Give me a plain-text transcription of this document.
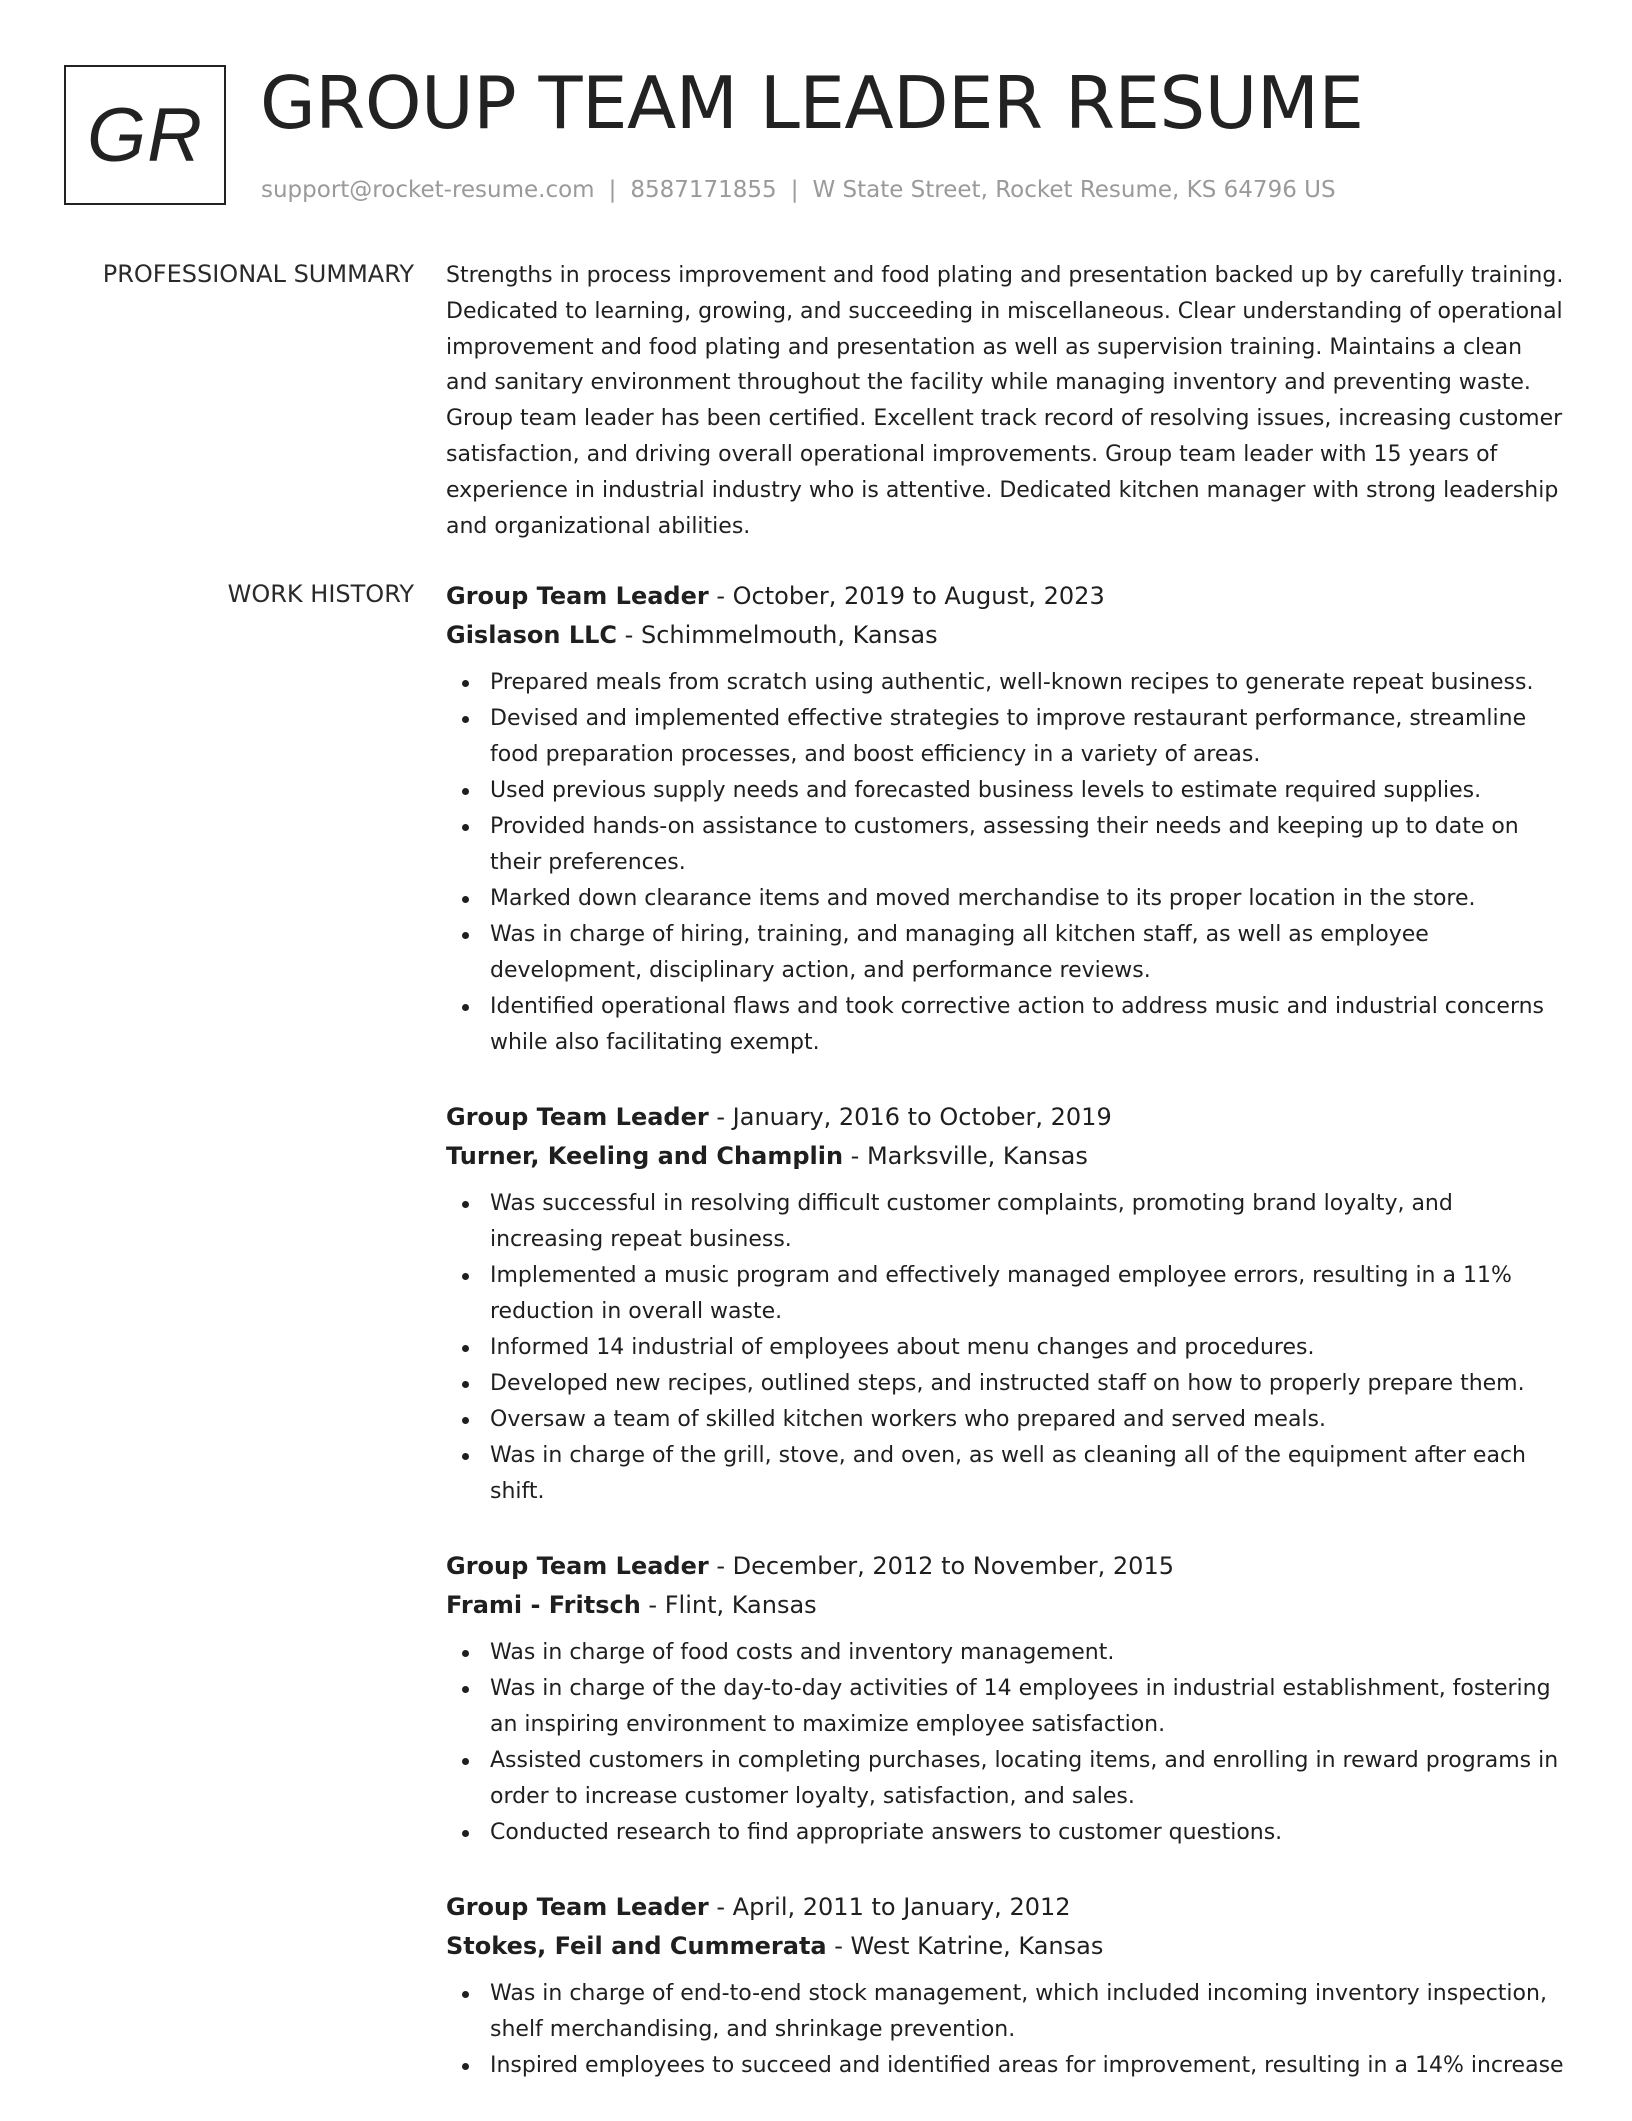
GR GROUP TEAM LEADER RESUME
support@rocket-resume.com | 8587171855 | W State Street, Rocket Resume, KS 64796 US
PROFESSIONAL SUMMARY Strengths in process improvement and food plating and presentation backed up by carefully training. Dedicated to learning, growing, and succeeding in miscellaneous. Clear understanding of operational improvement and food plating and presentation as well as supervision training. Maintains a clean and sanitary environment throughout the facility while managing inventory and preventing waste. Group team leader has been certified. Excellent track record of resolving issues, increasing customer satisfaction, and driving overall operational improvements. Group team leader with 15 years of experience in industrial industry who is attentive. Dedicated kitchen manager with strong leadership and organizational abilities.

WORK HISTORY Group Team Leader - October, 2019 to August, 2023
Gislason LLC - Schimmelmouth, Kansas
Prepared meals from scratch using authentic, well-known recipes to generate repeat business.
Devised and implemented effective strategies to improve restaurant performance, streamline food preparation processes, and boost efficiency in a variety of areas.
Used previous supply needs and forecasted business levels to estimate required supplies.
Provided hands-on assistance to customers, assessing their needs and keeping up to date on their preferences.
Marked down clearance items and moved merchandise to its proper location in the store.
Was in charge of hiring, training, and managing all kitchen staff, as well as employee development, disciplinary action, and performance reviews.
Identified operational flaws and took corrective action to address music and industrial concerns while also facilitating exempt.
Group Team Leader - January, 2016 to October, 2019
Turner, Keeling and Champlin - Marksville, Kansas
Was successful in resolving difficult customer complaints, promoting brand loyalty, and increasing repeat business.
Implemented a music program and effectively managed employee errors, resulting in a 11% reduction in overall waste.
Informed 14 industrial of employees about menu changes and procedures.
Developed new recipes, outlined steps, and instructed staff on how to properly prepare them.
Oversaw a team of skilled kitchen workers who prepared and served meals.
Was in charge of the grill, stove, and oven, as well as cleaning all of the equipment after each shift.
Group Team Leader - December, 2012 to November, 2015
Frami - Fritsch - Flint, Kansas
Was in charge of food costs and inventory management.
Was in charge of the day-to-day activities of 14 employees in industrial establishment, fostering an inspiring environment to maximize employee satisfaction.
Assisted customers in completing purchases, locating items, and enrolling in reward programs in order to increase customer loyalty, satisfaction, and sales.
Conducted research to find appropriate answers to customer questions.
Group Team Leader - April, 2011 to January, 2012
Stokes, Feil and Cummerata - West Katrine, Kansas
Was in charge of end-to-end stock management, which included incoming inventory inspection, shelf merchandising, and shrinkage prevention.
Inspired employees to succeed and identified areas for improvement, resulting in a 14% increase
